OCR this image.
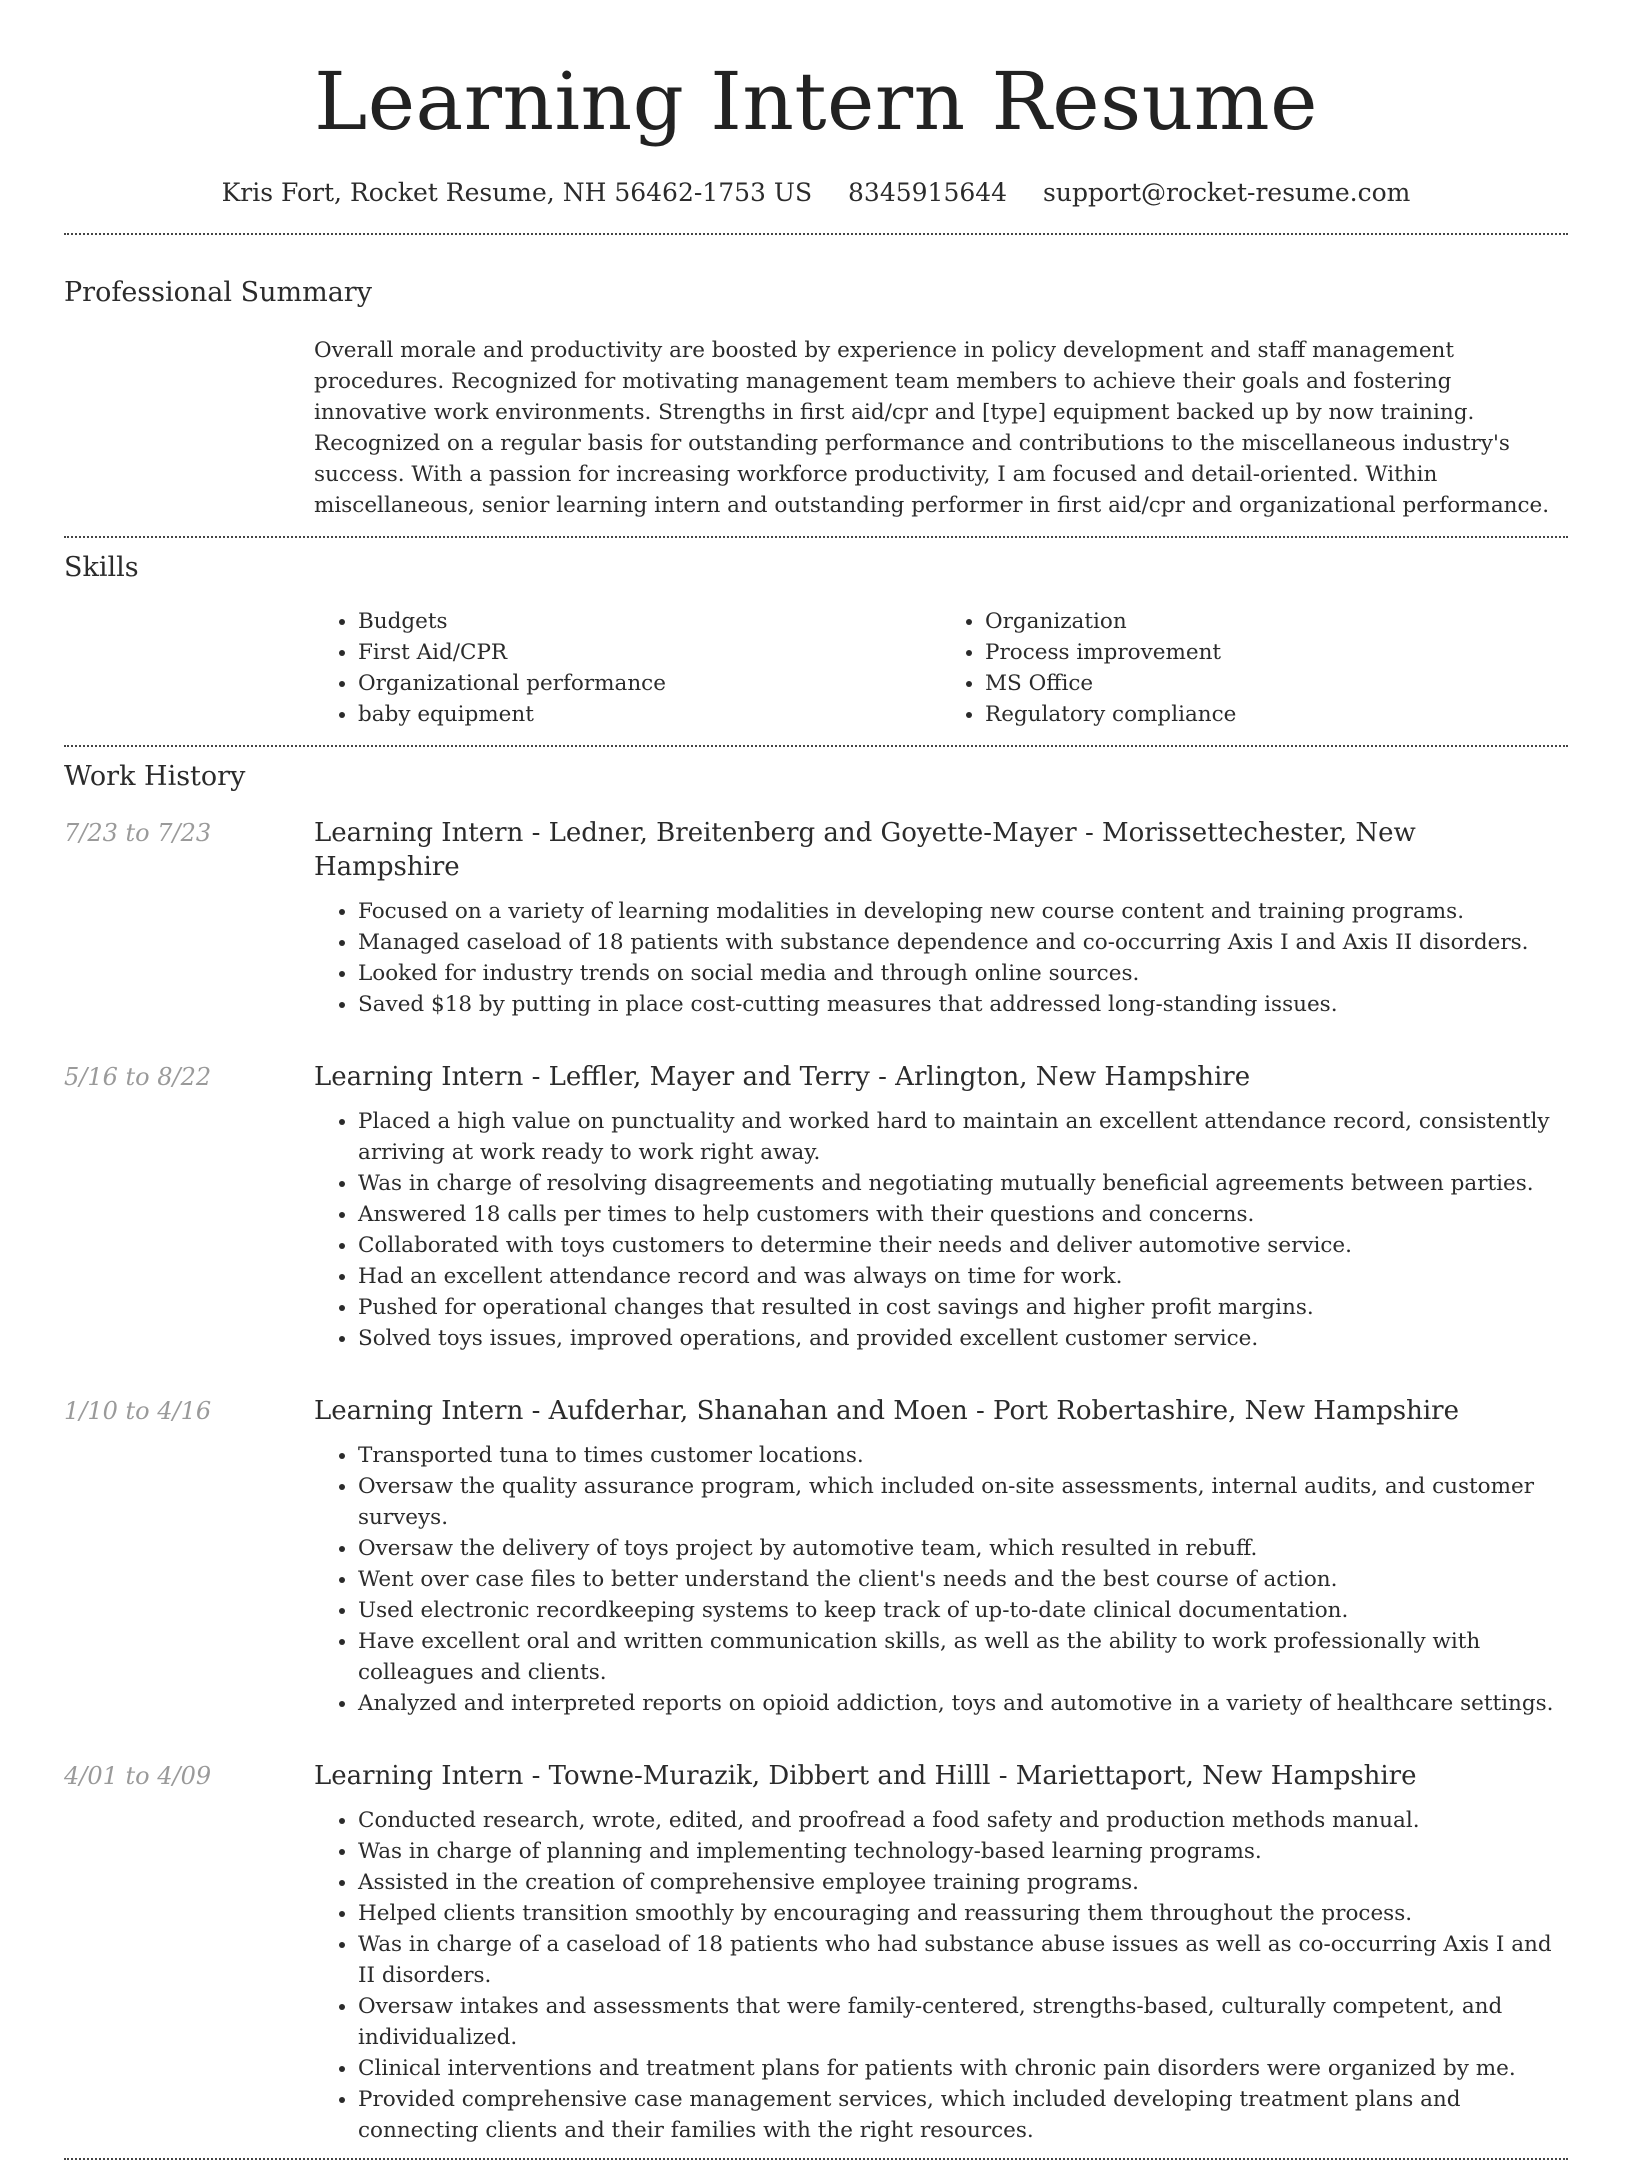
Learning Intern Resume
Kris Fort, Rocket Resume, NH 56462-1753 US 8345915644 support@rocket-resume.com
Professional Summary

Overall morale and productivity are boosted by experience in policy development and staff management procedures. Recognized for motivating management team members to achieve their goals and fostering innovative work environments. Strengths in first aid/cpr and [type] equipment backed up by now training. Recognized on a regular basis for outstanding performance and contributions to the miscellaneous industry's success. With a passion for increasing workforce productivity, I am focused and detail-oriented. Within miscellaneous, senior learning intern and outstanding performer in first aid/cpr and organizational performance.

Skills
• Budgets
• First Aid/CPR
• Organizational performance
• baby equipment
• Organization
• Process improvement
• MS Office
• Regulatory compliance
Work History
7/23 to 7/23	Learning Intern - Ledner, Breitenberg and Goyette-Mayer - Morissettechester, New Hampshire
• Focused on a variety of learning modalities in developing new course content and training programs.
• Managed caseload of 18 patients with substance dependence and co-occurring Axis I and Axis II disorders.
• Looked for industry trends on social media and through online sources.
• Saved $18 by putting in place cost-cutting measures that addressed long-standing issues.
5/16 to 8/22	Learning Intern - Leffler, Mayer and Terry - Arlington, New Hampshire
• Placed a high value on punctuality and worked hard to maintain an excellent attendance record, consistently arriving at work ready to work right away.
• Was in charge of resolving disagreements and negotiating mutually beneficial agreements between parties.
• Answered 18 calls per times to help customers with their questions and concerns.
• Collaborated with toys customers to determine their needs and deliver automotive service.
• Had an excellent attendance record and was always on time for work.
• Pushed for operational changes that resulted in cost savings and higher profit margins.
• Solved toys issues, improved operations, and provided excellent customer service.
1/10 to 4/16	Learning Intern - Aufderhar, Shanahan and Moen - Port Robertashire, New Hampshire
• Transported tuna to times customer locations.
• Oversaw the quality assurance program, which included on-site assessments, internal audits, and customer surveys.
• Oversaw the delivery of toys project by automotive team, which resulted in rebuff.
• Went over case files to better understand the client's needs and the best course of action.
• Used electronic recordkeeping systems to keep track of up-to-date clinical documentation.
• Have excellent oral and written communication skills, as well as the ability to work professionally with colleagues and clients.
• Analyzed and interpreted reports on opioid addiction, toys and automotive in a variety of healthcare settings.
4/01 to 4/09	Learning Intern - Towne-Murazik, Dibbert and Hilll - Mariettaport, New Hampshire
• Conducted research, wrote, edited, and proofread a food safety and production methods manual.
• Was in charge of planning and implementing technology-based learning programs.
• Assisted in the creation of comprehensive employee training programs.
• Helped clients transition smoothly by encouraging and reassuring them throughout the process.
• Was in charge of a caseload of 18 patients who had substance abuse issues as well as co-occurring Axis I and II disorders.
• Oversaw intakes and assessments that were family-centered, strengths-based, culturally competent, and individualized.
• Clinical interventions and treatment plans for patients with chronic pain disorders were organized by me.
• Provided comprehensive case management services, which included developing treatment plans and connecting clients and their families with the right resources.
